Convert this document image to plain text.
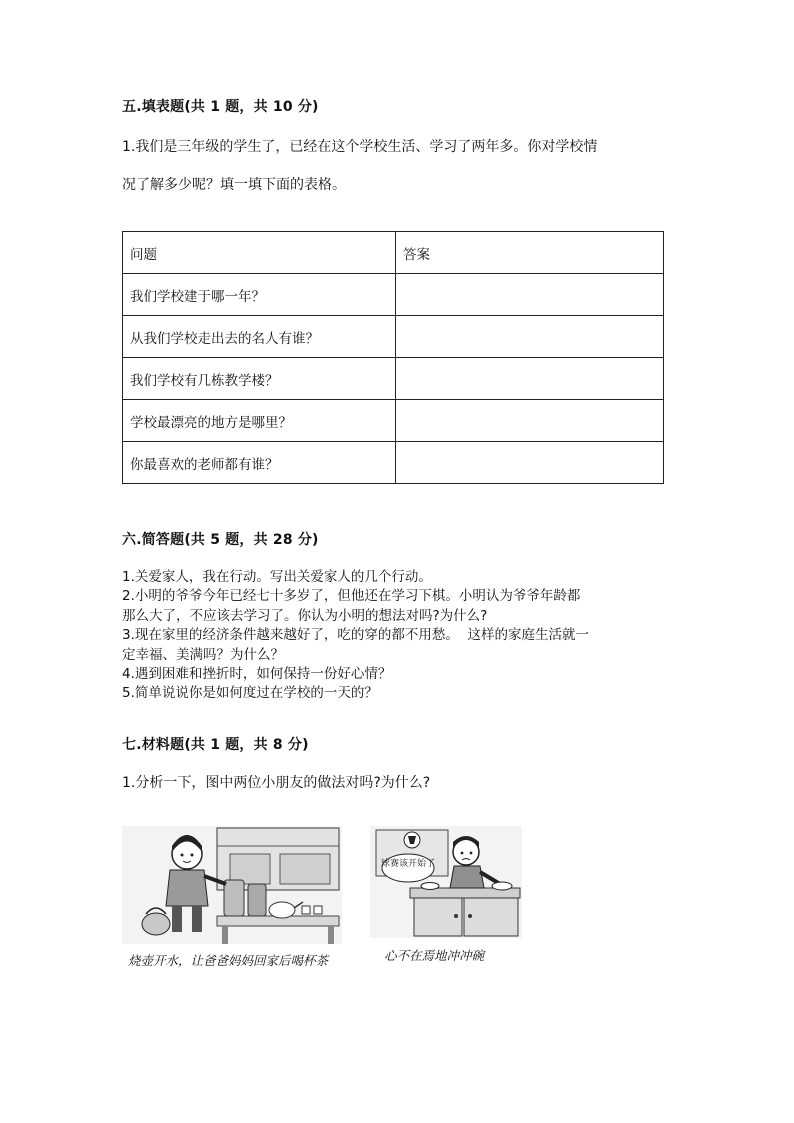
五.填表题(共 1 题，共 10 分)
1.我们是三年级的学生了，已经在这个学校生活、学习了两年多。你对学校情
况了解多少呢？填一填下面的表格。
问题	答案
我们学校建于哪一年？	
从我们学校走出去的名人有谁？	
我们学校有几栋教学楼？	
学校最漂亮的地方是哪里？	
你最喜欢的老师都有谁？	
六.简答题(共 5 题，共 28 分)
1.关爱家人，我在行动。写出关爱家人的几个行动。
2.小明的爷爷今年已经七十多岁了，但他还在学习下棋。小明认为爷爷年龄都
那么大了，不应该去学习了。你认为小明的想法对吗?为什么?
3.现在家里的经济条件越来越好了，吃的穿的都不用愁。  这样的家庭生活就一
定幸福、美满吗？为什么？
4.遇到困难和挫折时，如何保持一份好心情？
5.简单说说你是如何度过在学校的一天的？
七.材料题(共 1 题，共 8 分)
1.分析一下，图中两位小朋友的做法对吗?为什么?
烧壶开水，让爸爸妈妈回家后喝杯茶
球赛该开始了
心不在焉地冲冲碗
